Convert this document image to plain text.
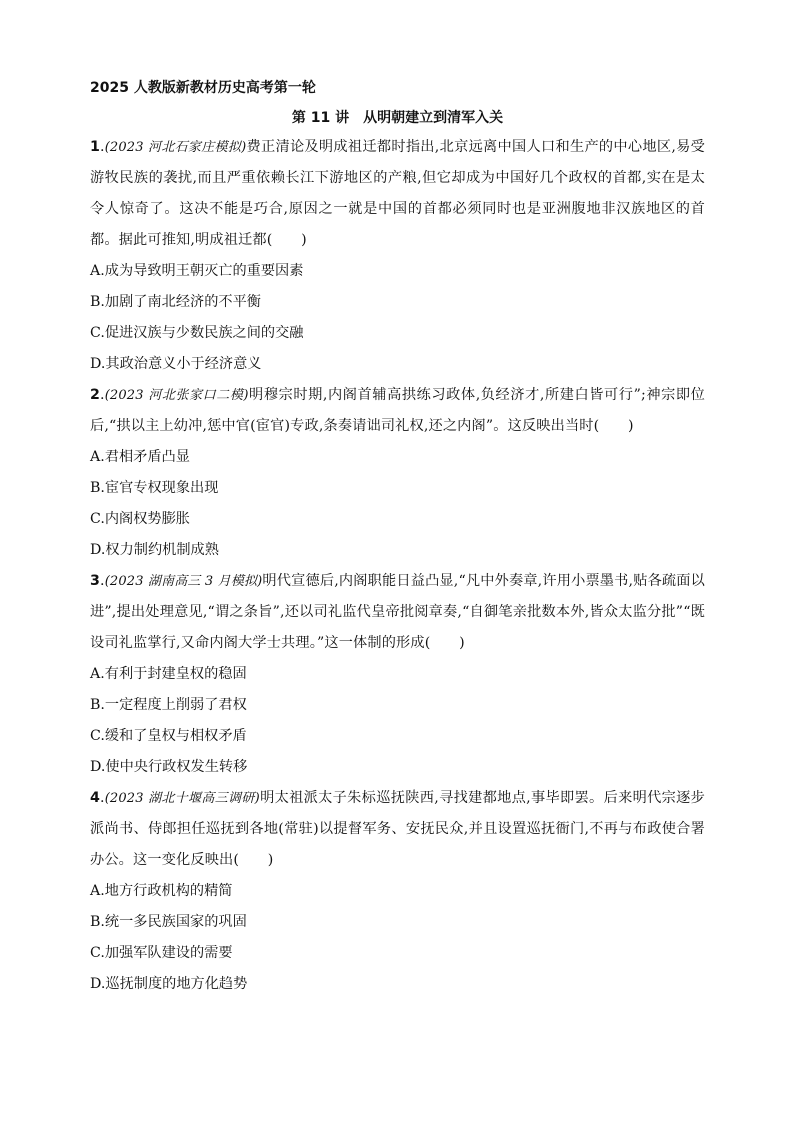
2025 人教版新教材历史高考第一轮
第 11 讲　从明朝建立到清军入关

1.(2023 河北石家庄模拟)费正清论及明成祖迁都时指出,北京远离中国人口和生产的中心地区,易受游牧民族的袭扰,而且严重依赖长江下游地区的产粮,但它却成为中国好几个政权的首都,实在是太令人惊奇了。这决不能是巧合,原因之一就是中国的首都必须同时也是亚洲腹地非汉族地区的首都。据此可推知,明成祖迁都(　　)

A.成为导致明王朝灭亡的重要因素

B.加剧了南北经济的不平衡

C.促进汉族与少数民族之间的交融

D.其政治意义小于经济意义

2.(2023 河北张家口二模)明穆宗时期,内阁首辅高拱练习政体,负经济才,所建白皆可行”;神宗即位后,“拱以主上幼冲,惩中官(宦官)专政,条奏请诎司礼权,还之内阁”。这反映出当时(　　)

A.君相矛盾凸显

B.宦官专权现象出现

C.内阁权势膨胀

D.权力制约机制成熟

3.(2023 湖南高三 3 月模拟)明代宣德后,内阁职能日益凸显,“凡中外奏章,许用小票墨书,贴各疏面以进”,提出处理意见,“谓之条旨”,还以司礼监代皇帝批阅章奏,“自御笔亲批数本外,皆众太监分批”“既设司礼监掌行,又命内阁大学士共理。”这一体制的形成(　　)

A.有利于封建皇权的稳固

B.一定程度上削弱了君权

C.缓和了皇权与相权矛盾

D.使中央行政权发生转移

4.(2023 湖北十堰高三调研)明太祖派太子朱标巡抚陕西,寻找建都地点,事毕即罢。后来明代宗逐步派尚书、侍郎担任巡抚到各地(常驻)以提督军务、安抚民众,并且设置巡抚衙门,不再与布政使合署办公。这一变化反映出(　　)

A.地方行政机构的精简

B.统一多民族国家的巩固

C.加强军队建设的需要

D.巡抚制度的地方化趋势
